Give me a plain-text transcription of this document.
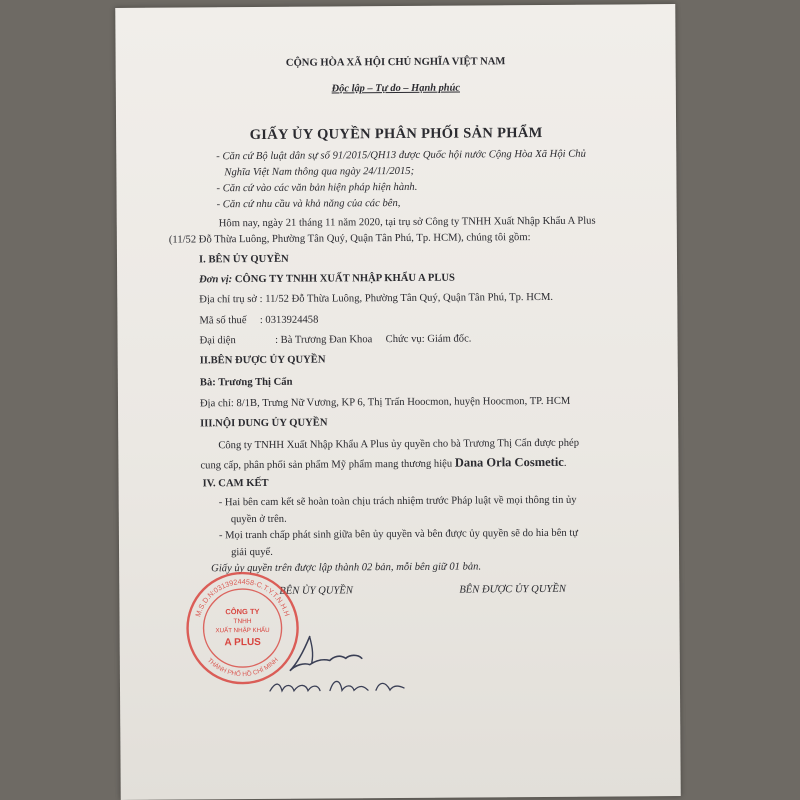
CỘNG HÒA XÃ HỘI CHỦ NGHĨA VIỆT NAM
Độc lập – Tự do – Hạnh phúc
GIẤY ỦY QUYỀN PHÂN PHỐI SẢN PHẨM
- Căn cứ Bộ luật dân sự số 91/2015/QH13 được Quốc hội nước Cộng Hòa Xã Hội Chủ
Nghĩa Việt Nam thông qua ngày 24/11/2015;
- Căn cứ vào các văn bản hiện pháp hiện hành.
- Căn cứ nhu cầu và khả năng của các bên,
Hôm nay, ngày 21 tháng 11 năm 2020, tại trụ sở Công ty TNHH Xuất Nhập Khẩu A Plus
(11/52 Đỗ Thừa Luông, Phường Tân Quý, Quận Tân Phú, Tp. HCM), chúng tôi gồm:
I. BÊN ỦY QUYỀN
Đơn vị: CÔNG TY TNHH XUẤT NHẬP KHẨU A PLUS
Địa chỉ trụ sở : 11/52 Đỗ Thừa Luông, Phường Tân Quý, Quận Tân Phú, Tp. HCM.
Mã số thuế : 0313924458
Đại diện	: Bà Trương Đan Khoa Chức vụ: Giám đốc.
II.BÊN ĐƯỢC ỦY QUYỀN
Bà: Trương Thị Cẩn
Địa chỉ: 8/1B, Trưng Nữ Vương, KP 6, Thị Trấn Hoocmon, huyện Hoocmon, TP. HCM
III.NỘI DUNG ỦY QUYỀN
Công ty TNHH Xuất Nhập Khẩu A Plus ủy quyền cho bà Trương Thị Cẩn được phép
cung cấp, phân phối sản phẩm Mỹ phẩm mang thương hiệu Dana Orla Cosmetic.
IV. CAM KẾT
- Hai bên cam kết sẽ hoàn toàn chịu trách nhiệm trước Pháp luật về mọi thông tin ủy
quyền ở trên.
- Mọi tranh chấp phát sinh giữa bên ủy quyền và bên được ủy quyền sẽ do hia bên tự
giải quyế.
Giấy ủy quyền trên được lập thành 02 bản, mỗi bên giữ 01 bản.
BÊN ỦY QUYỀN	BÊN ĐƯỢC ỦY QUYỀN
M.S.D.N:0313924458-C.T.Y.T.N.H.H
THÀNH PHỐ HỒ CHÍ MINH
CÔNG TY
TNHH
XUẤT NHẬP KHẨU
A PLUS
